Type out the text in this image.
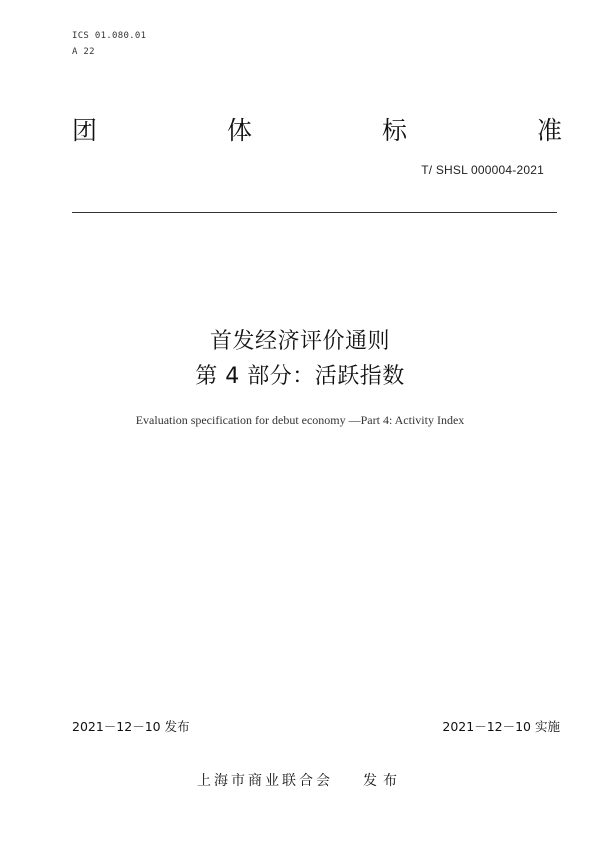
ICS 01.080.01
A 22
团	体	标	准
T/ SHSL 000004-2021
首发经济评价通则
第 4 部分：活跃指数
Evaluation specification for debut economy —Part 4: Activity Index
2021－12－10 发布	2021－12－10 实施
上海市商业联合会 发布
